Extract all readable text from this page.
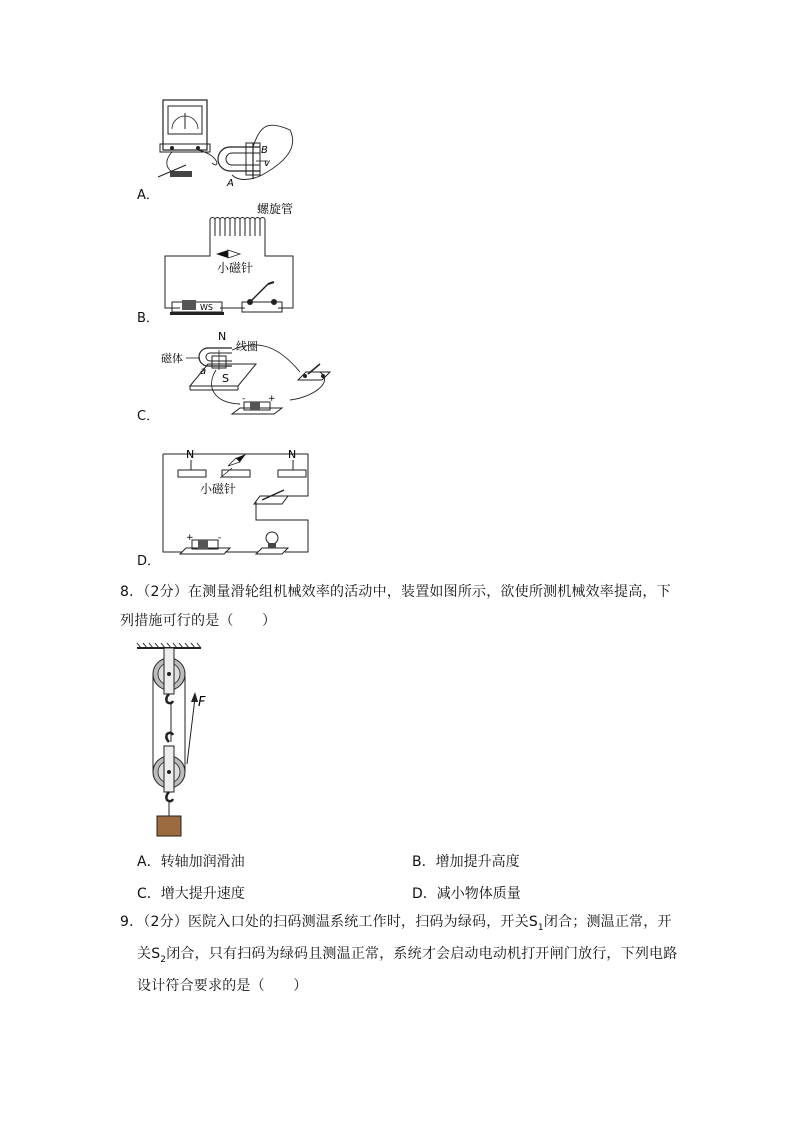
A．
B
v
A
B．
螺旋管
小磁针
WS
C．
N
线圈
磁体
a
S
-	+
D．
N	N
小磁针
+	-
8．（2分）在测量滑轮组机械效率的活动中，装置如图所示，欲使所测机械效率提高，下
列措施可行的是（　　）
F
A．转轴加润滑油	B．增加提升高度
C．增大提升速度	D．减小物体质量
9．（2分）医院入口处的扫码测温系统工作时，扫码为绿码，开关$S_1$闭合；测温正常，开
关$S_2$闭合，只有扫码为绿码且测温正常，系统才会启动电动机打开闸门放行，下列电路
设计符合要求的是（　　）
